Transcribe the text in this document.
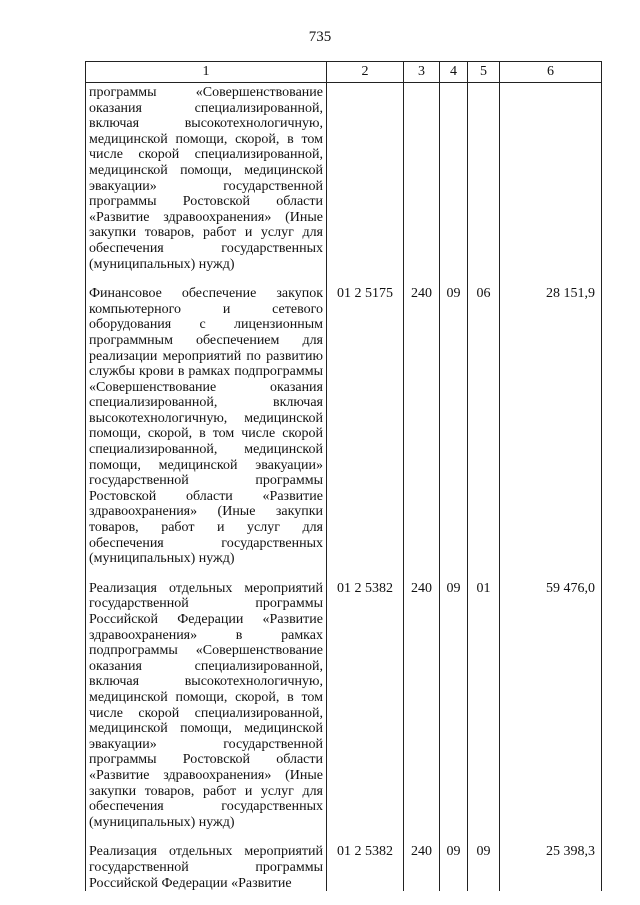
735
1	2	3	4	5	6
программы «Совершенствование оказания специализированной, включая высокотехнологичную, медицинской помощи, скорой, в том числе скорой специализированной, медицинской помощи, медицинской эвакуации» государственной программы Ростовской области «Развитие здравоохранения» (Иные закупки товаров, работ и услуг для обеспечения государственных (муниципальных) нужд)					
Финансовое обеспечение закупок компьютерного и сетевого оборудования с лицензионным программным обеспечением для реализации мероприятий по развитию службы крови в рамках подпрограммы «Совершенствование оказания специализированной, включая высокотехнологичную, медицинской помощи, скорой, в том числе скорой специализированной, медицинской помощи, медицинской эвакуации» государственной программы Ростовской области «Развитие здравоохранения» (Иные закупки товаров, работ и услуг для обеспечения государственных (муниципальных) нужд)	01 2 5175	240	09	06	28 151,9
Реализация отдельных мероприятий государственной программы Российской Федерации «Развитие здравоохранения» в рамках подпрограммы «Совершенствование оказания специализированной, включая высокотехнологичную, медицинской помощи, скорой, в том числе скорой специализированной, медицинской помощи, медицинской эвакуации» государственной программы Ростовской области «Развитие здравоохранения» (Иные закупки товаров, работ и услуг для обеспечения государственных (муниципальных) нужд)	01 2 5382	240	09	01	59 476,0
Реализация отдельных мероприятий государственной программы Российской Федерации «Развитие	01 2 5382	240	09	09	25 398,3
